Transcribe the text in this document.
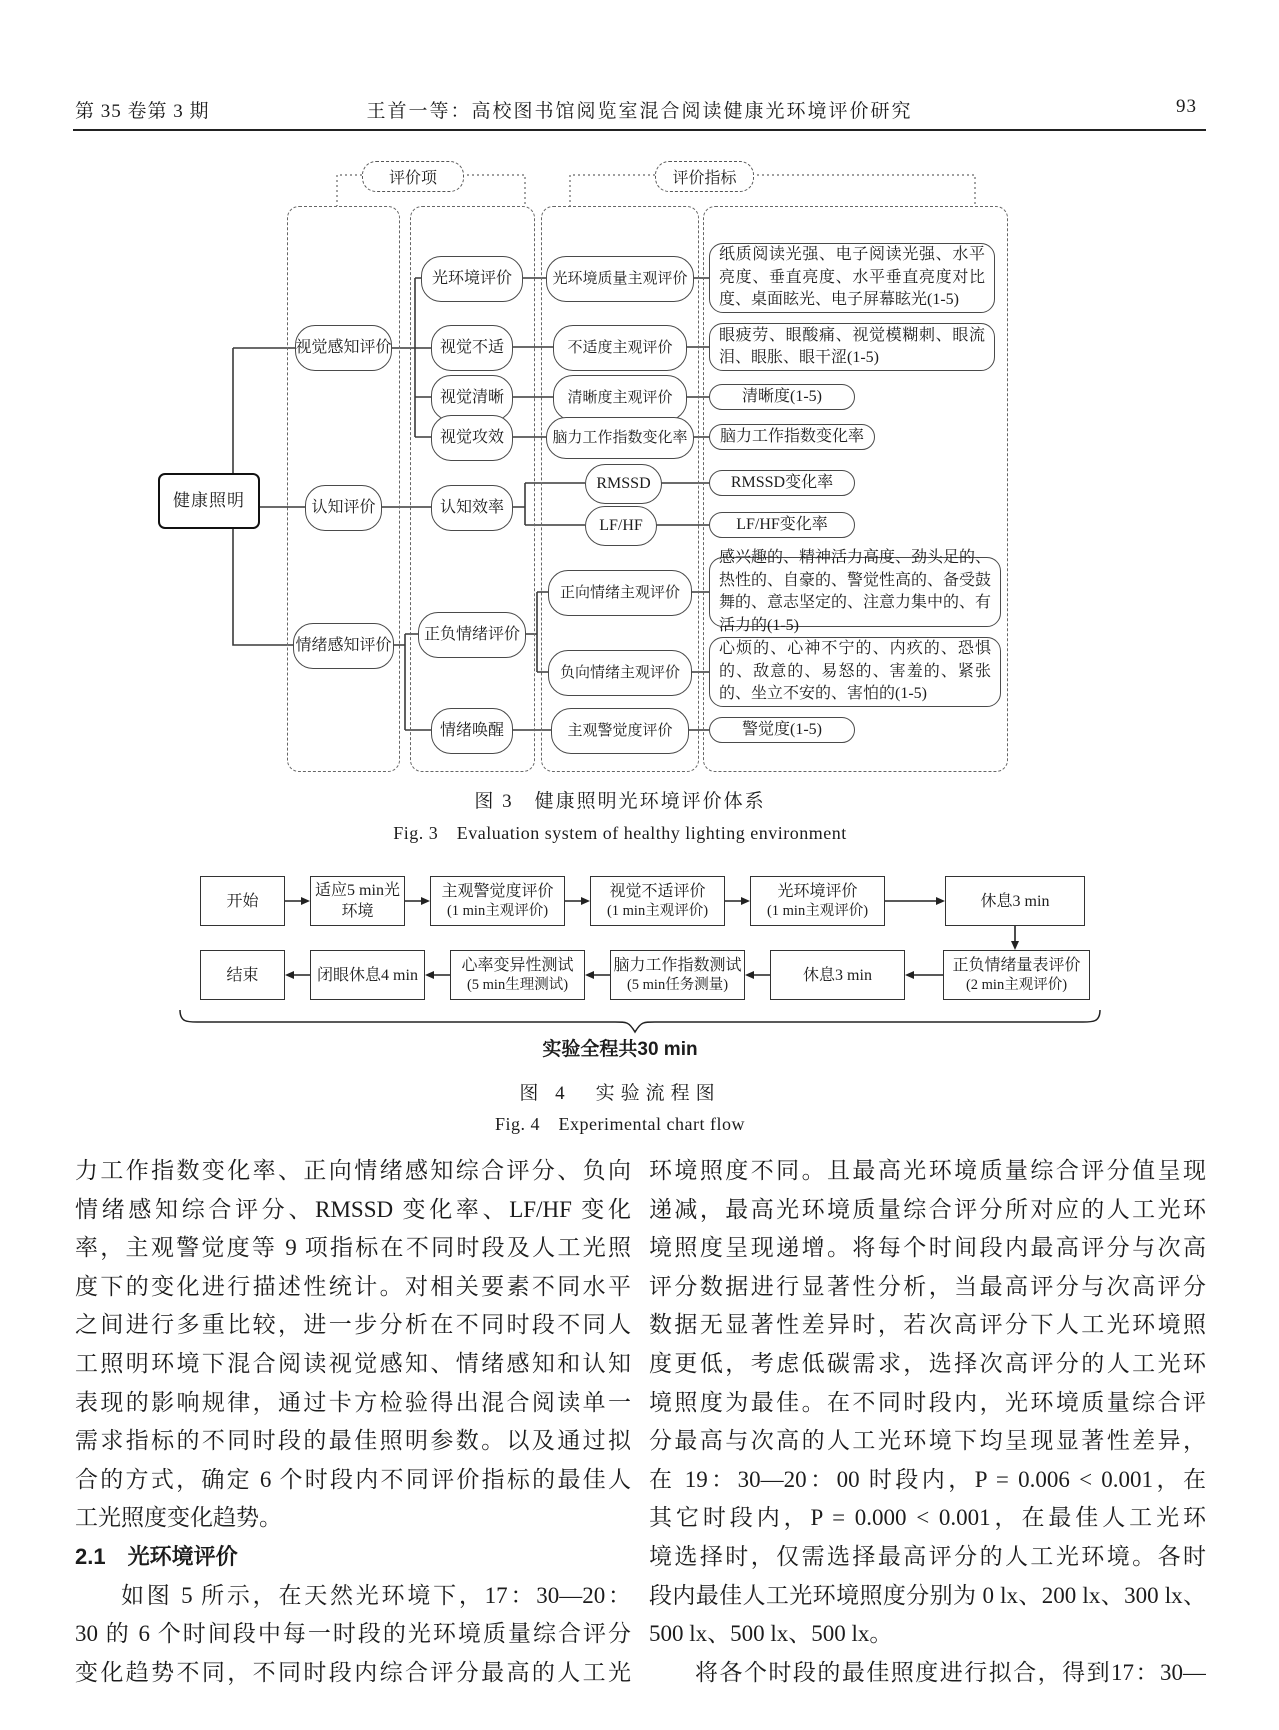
第 35 卷第 3 期	王首一等：高校图书馆阅览室混合阅读健康光环境评价研究	93
评价项	评价指标
健康照明
视觉感知评价
认知评价
情绪感知评价
光环境评价
视觉不适
视觉清晰
视觉攻效
认知效率
正负情绪评价
情绪唤醒
光环境质量主观评价
不适度主观评价
清晰度主观评价
脑力工作指数变化率
RMSSD
LF/HF
正向情绪主观评价
负向情绪主观评价
主观警觉度评价
纸质阅读光强、电子阅读光强、水平亮度、垂直亮度、水平垂直亮度对比度、桌面眩光、电子屏幕眩光(1-5)
眼疲劳、眼酸痛、视觉模糊刺、眼流泪、眼胀、眼干涩(1-5)
清晰度(1-5)
脑力工作指数变化率
RMSSD变化率
LF/HF变化率
感兴趣的、精神活力高度、劲头足的、热性的、自豪的、警觉性高的、备受鼓舞的、意志坚定的、注意力集中的、有活力的(1-5)
心烦的、心神不宁的、内疚的、恐惧的、敌意的、易怒的、害羞的、紧张的、坐立不安的、害怕的(1-5)
警觉度(1-5)
图 3　健康照明光环境评价体系
Fig. 3　Evaluation system of healthy lighting environment
开始
适应5 min光环境
主观警觉度评价
(1 min主观评价)
视觉不适评价
(1 min主观评价)
光环境评价
(1 min主观评价)
休息3 min
结束	闭眼休息4 min
心率变异性测试
(5 min生理测试)
脑力工作指数测试
(5 min任务测量)
休息3 min
正负情绪量表评价
(2 min主观评价)
实验全程共30 min
图 4　实验流程图
Fig. 4　Experimental chart flow
力工作指数变化率、正向情绪感知综合评分、负向
情绪感知综合评分、RMSSD 变化率、LF/HF 变化
率，主观警觉度等 9 项指标在不同时段及人工光照
度下的变化进行描述性统计。对相关要素不同水平
之间进行多重比较，进一步分析在不同时段不同人
工照明环境下混合阅读视觉感知、情绪感知和认知
表现的影响规律，通过卡方检验得出混合阅读单一
需求指标的不同时段的最佳照明参数。以及通过拟
合的方式，确定 6 个时段内不同评价指标的最佳人
工光照度变化趋势。
2.1　光环境评价
如图 5 所示，在天然光环境下，17：30—20：
30 的 6 个时间段中每一时段的光环境质量综合评分
变化趋势不同，不同时段内综合评分最高的人工光
环境照度不同。且最高光环境质量综合评分值呈现
递减，最高光环境质量综合评分所对应的人工光环
境照度呈现递增。将每个时间段内最高评分与次高
评分数据进行显著性分析，当最高评分与次高评分
数据无显著性差异时，若次高评分下人工光环境照
度更低，考虑低碳需求，选择次高评分的人工光环
境照度为最佳。在不同时段内，光环境质量综合评
分最高与次高的人工光环境下均呈现显著性差异，
在 19：30—20：00 时段内，P = 0.006 < 0.001，在
其它时段内，P = 0.000 < 0.001，在最佳人工光环
境选择时，仅需选择最高评分的人工光环境。各时
段内最佳人工光环境照度分别为 0 lx、200 lx、300 lx、
500 lx、500 lx、500 lx。
将各个时段的最佳照度进行拟合，得到17：30—
